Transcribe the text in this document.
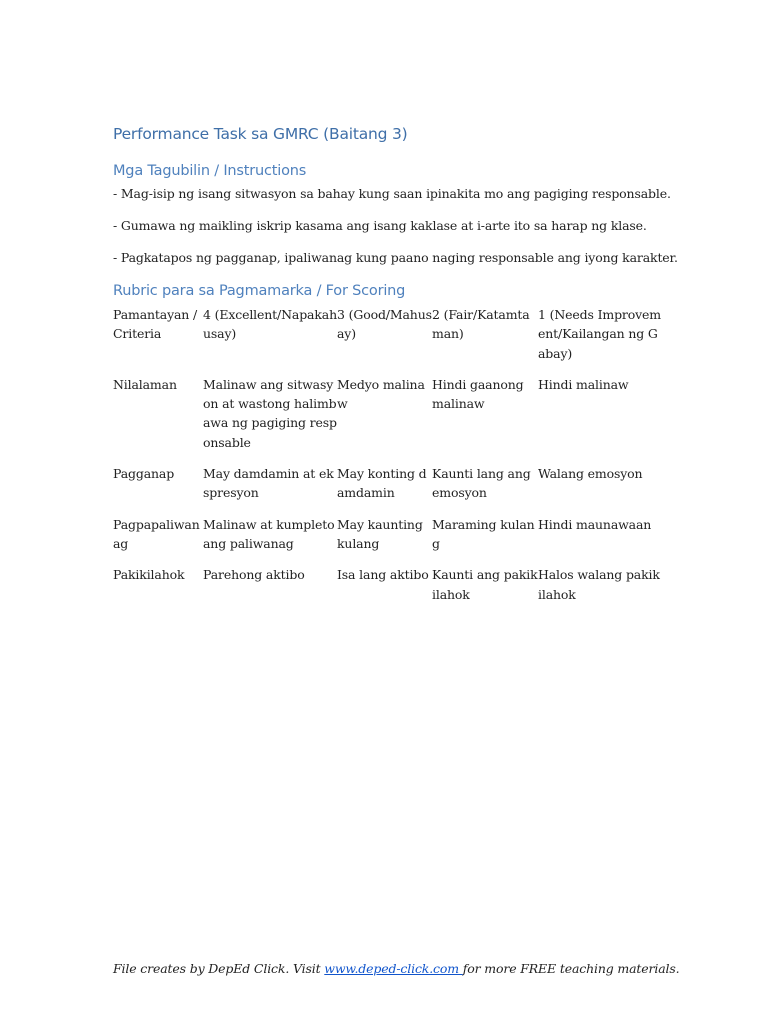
Performance Task sa GMRC (Baitang 3)
Mga Tagubilin / Instructions
- Mag-isip ng isang sitwasyon sa bahay kung saan ipinakita mo ang pagiging responsable.
- Gumawa ng maikling iskrip kasama ang isang kaklase at i-arte ito sa harap ng klase.
- Pagkatapos ng pagganap, ipaliwanag kung paano naging responsable ang iyong karakter.
Rubric para sa Pagmamarka / For Scoring
Pamantayan / Criteria	4 (Excellent/Napakahusay)	3 (Good/Mahusay)	2 (Fair/Katamtaman)	1 (Needs Improvement/Kailangan ng Gabay)
Nilalaman	Malinaw ang sitwasyon at wastong halimbawa ng pagiging responsable	Medyo malinaw	Hindi gaanong malinaw	Hindi malinaw
Pagganap	May damdamin at ekspresyon	May konting damdamin	Kaunti lang ang emosyon	Walang emosyon
Pagpapaliwanag	Malinaw at kumpleto ang paliwanag	May kaunting kulang	Maraming kulang	Hindi maunawaan
Pakikilahok	Parehong aktibo	Isa lang aktibo	Kaunti ang pakikilahok	Halos walang pakikilahok
File creates by DepEd Click. Visit www.deped-click.com for more FREE teaching materials.
